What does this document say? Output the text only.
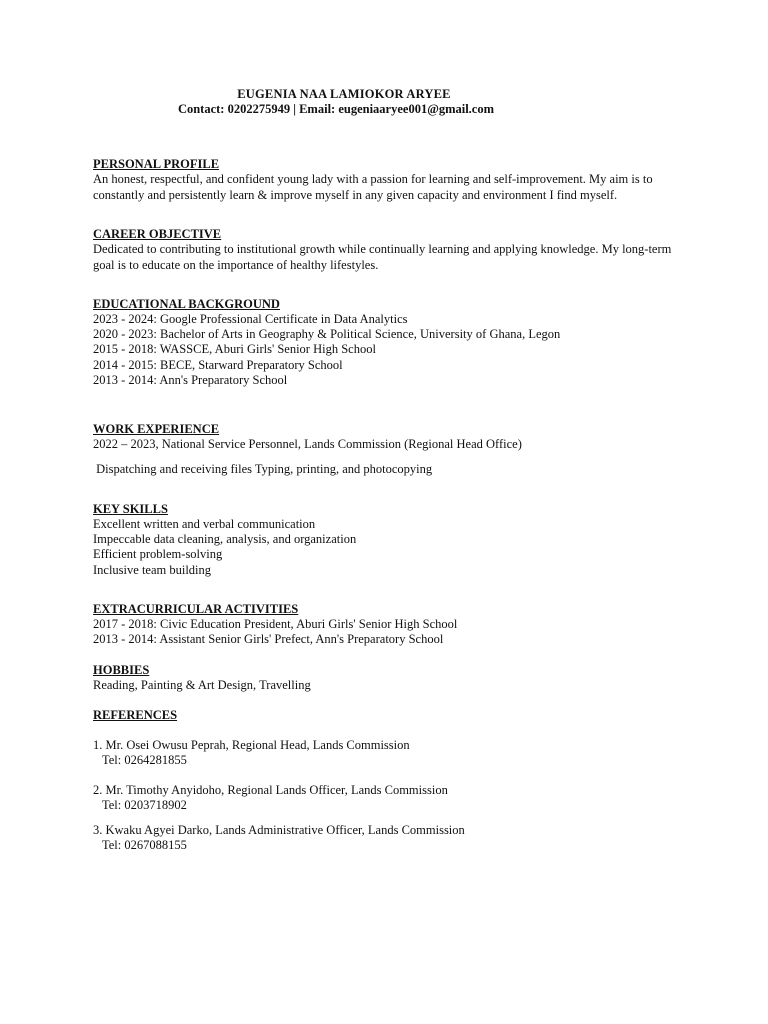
EUGENIA NAA LAMIOKOR ARYEE
Contact: 0202275949 | Email: eugeniaaryee001@gmail.com

PERSONAL PROFILE

An honest, respectful, and confident young lady with a passion for learning and self-improvement. My aim is to constantly and persistently learn & improve myself in any given capacity and environment I find myself.

CAREER OBJECTIVE

Dedicated to contributing to institutional growth while continually learning and applying knowledge. My long-term goal is to educate on the importance of healthy lifestyles.

EDUCATIONAL BACKGROUND

2023 - 2024: Google Professional Certificate in Data Analytics

2020 - 2023: Bachelor of Arts in Geography & Political Science, University of Ghana, Legon

2015 - 2018: WASSCE, Aburi Girls' Senior High School

2014 - 2015: BECE, Starward Preparatory School

2013 - 2014: Ann's Preparatory School

WORK EXPERIENCE

2022 – 2023, National Service Personnel, Lands Commission (Regional Head Office)

Dispatching and receiving files Typing, printing, and photocopying

KEY SKILLS

Excellent written and verbal communication

Impeccable data cleaning, analysis, and organization

Efficient problem-solving

Inclusive team building

EXTRACURRICULAR ACTIVITIES

2017 - 2018: Civic Education President, Aburi Girls' Senior High School

2013 - 2014: Assistant Senior Girls' Prefect, Ann's Preparatory School

HOBBIES

Reading, Painting & Art Design, Travelling

REFERENCES

1. Mr. Osei Owusu Peprah, Regional Head, Lands Commission

Tel: 0264281855

2. Mr. Timothy Anyidoho, Regional Lands Officer, Lands Commission

Tel: 0203718902

3. Kwaku Agyei Darko, Lands Administrative Officer, Lands Commission

Tel: 0267088155
